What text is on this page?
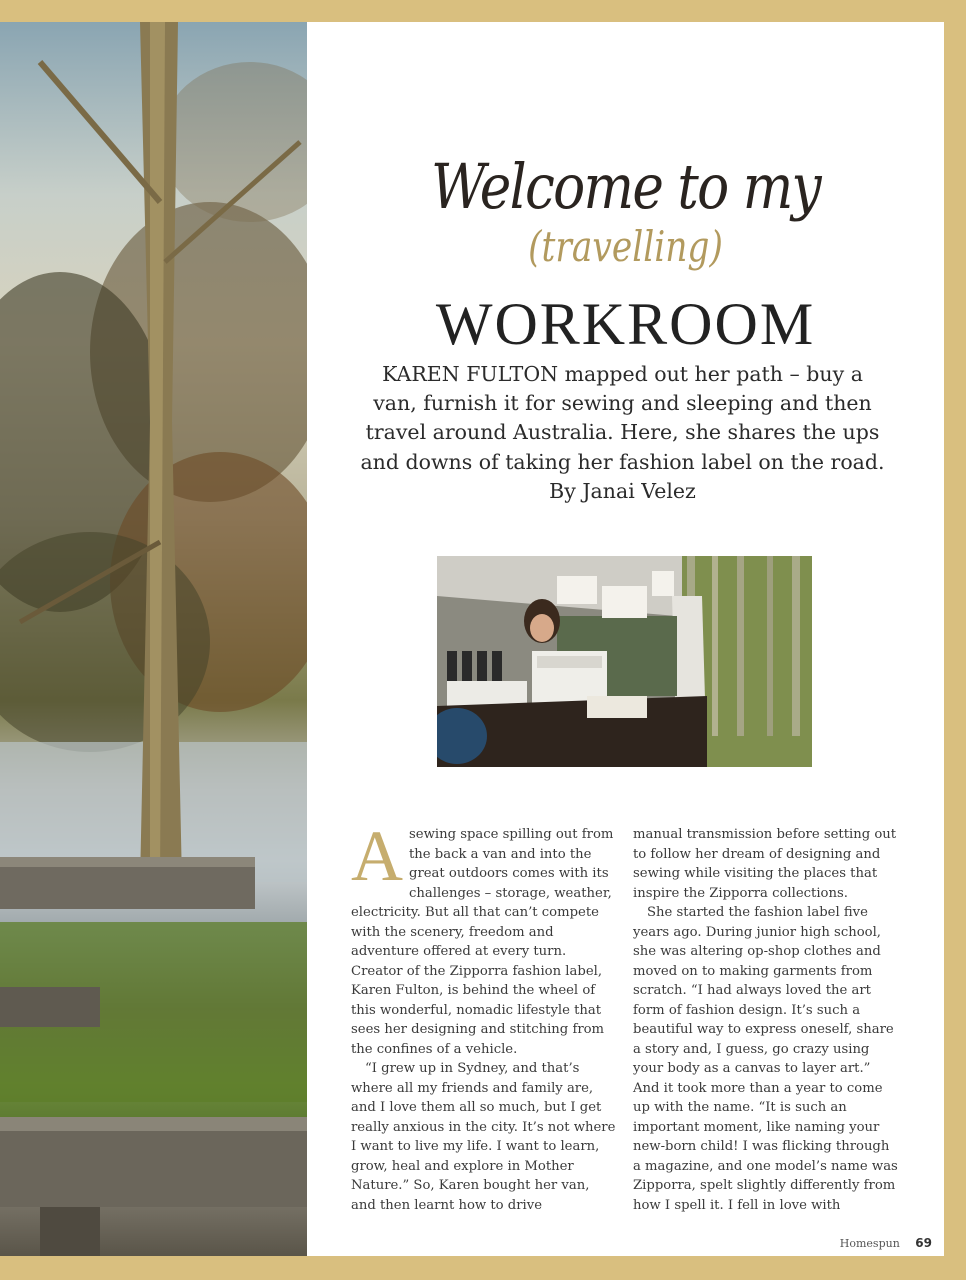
Welcome to my
(travelling)
WORKROOM
KAREN FULTON mapped out her path – buy a van, furnish it for sewing and sleeping and then travel around Australia. Here, she shares the ups and downs of taking her fashion label on the road.
By Janai Velez

Asewing space spilling out from the back a van and into the great outdoors comes with its challenges – storage, weather, electricity. But all that can’t compete with the scenery, freedom and adventure offered at every turn. Creator of the Zipporra fashion label, Karen Fulton, is behind the wheel of this wonderful, nomadic lifestyle that sees her designing and stitching from the confines of a vehicle.

“I grew up in Sydney, and that’s where all my friends and family are, and I love them all so much, but I get really anxious in the city. It’s not where I want to live my life. I want to learn, grow, heal and explore in Mother Nature.” So, Karen bought her van, and then learnt how to drive

manual transmission before setting out to follow her dream of designing and sewing while visiting the places that inspire the Zipporra collections.

She started the fashion label five years ago. During junior high school, she was altering op-shop clothes and moved on to making garments from scratch. “I had always loved the art form of fashion design. It’s such a beautiful way to express oneself, share a story and, I guess, go crazy using your body as a canvas to layer art.” And it took more than a year to come up with the name. “It is such an important moment, like naming your new-born child! I was flicking through a magazine, and one model’s name was Zipporra, spelt slightly differently from how I spell it. I fell in love with

Homespun 69
